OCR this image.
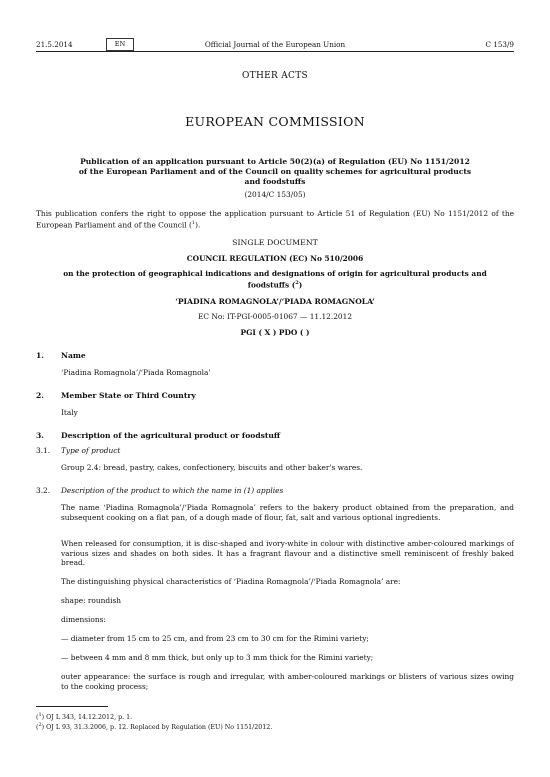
21.5.2014	EN	Official Journal of the European Union	C 153/9
OTHER ACTS
EUROPEAN COMMISSION
Publication of an application pursuant to Article 50(2)(a) of Regulation (EU) No 1151/2012 of the European Parliament and of the Council on quality schemes for agricultural products and foodstuffs
(2014/C 153/05)
This publication confers the right to oppose the application pursuant to Article 51 of Regulation (EU) No 1151/2012 of the European Parliament and of the Council ($^1$).
SINGLE DOCUMENT
COUNCIL REGULATION (EC) No 510/2006
on the protection of geographical indications and designations of origin for agricultural products and foodstuffs ($^2$)
‘PIADINA ROMAGNOLA’/‘PIADA ROMAGNOLA’
EC No: IT-PGI-0005-01067 — 11.12.2012
PGI ( X ) PDO ( )
1. Name
‘Piadina Romagnola’/‘Piada Romagnola’
2. Member State or Third Country
Italy
3. Description of the agricultural product or foodstuff
3.1. Type of product
Group 2.4: bread, pastry, cakes, confectionery, biscuits and other baker's wares.
3.2. Description of the product to which the name in (1) applies
The name ‘Piadina Romagnola’/‘Piada Romagnola’ refers to the bakery product obtained from the preparation, and subsequent cooking on a flat pan, of a dough made of flour, fat, salt and various optional ingredients.
When released for consumption, it is disc-shaped and ivory-white in colour with distinctive amber-coloured markings of various sizes and shades on both sides. It has a fragrant flavour and a distinctive smell reminiscent of freshly baked bread.
The distinguishing physical characteristics of ‘Piadina Romagnola’/‘Piada Romagnola’ are:
shape: roundish
dimensions:
— diameter from 15 cm to 25 cm, and from 23 cm to 30 cm for the Rimini variety;
— between 4 mm and 8 mm thick, but only up to 3 mm thick for the Rimini variety;
outer appearance: the surface is rough and irregular, with amber-coloured markings or blisters of various sizes owing to the cooking process;
($^1$) OJ L 343, 14.12.2012, p. 1.
($^2$) OJ L 93, 31.3.2006, p. 12. Replaced by Regulation (EU) No 1151/2012.
